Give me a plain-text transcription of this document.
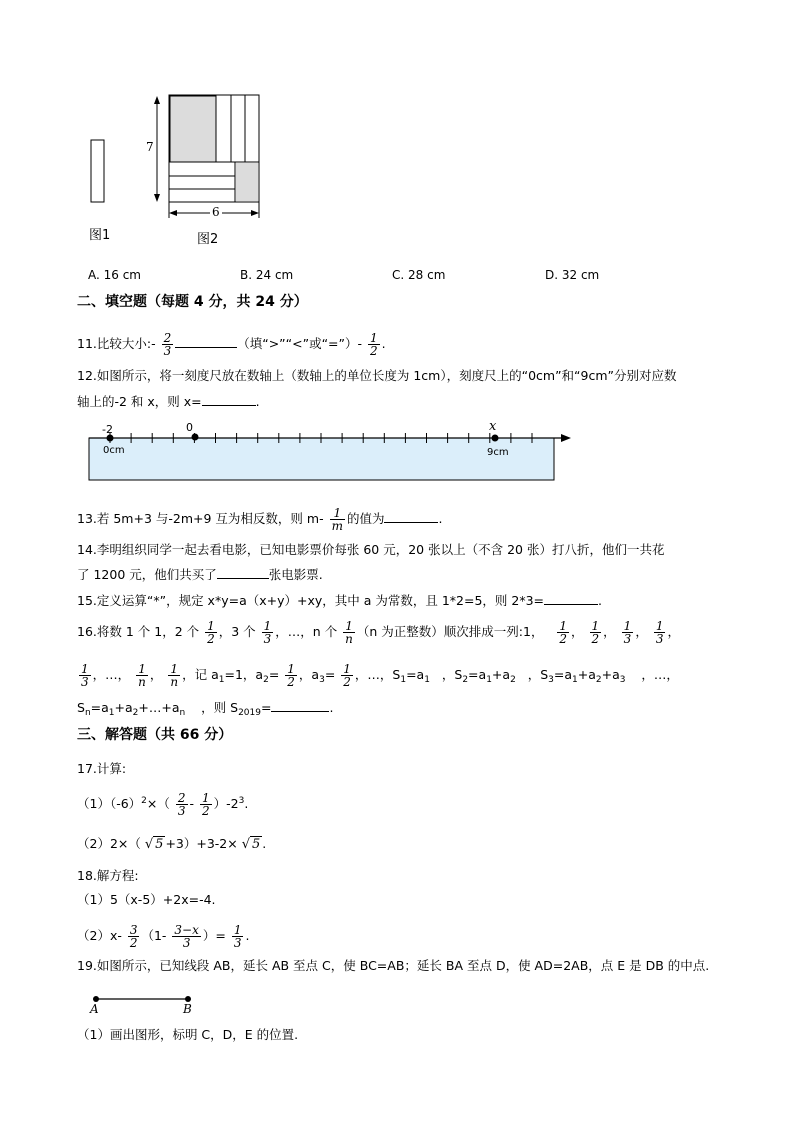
图1
7
6
图2
A. 16 cm	B. 24 cm	C. 28 cm	D. 32 cm
二、填空题（每题 4 分，共 24 分）
11.比较大小:- $\frac{2}{3}$	（填“>”“<”或“=”）- $\frac{1}{2}$ .
12.如图所示，将一刻度尺放在数轴上（数轴上的单位长度为 1cm），刻度尺上的“0cm”和“9cm”分别对应数
轴上的-2 和 x，则 x=	.
-2	0	x
0cm	9cm
13.若 5m+3 与-2m+9 互为相反数，则 $m- \frac{1}{m}$ 的值为	.
14.李明组织同学一起去看电影，已知电影票价每张 60 元，20 张以上（不含 20 张）打八折，他们一共花
了 1200 元，他们共买了	张电影票.
15.定义运算“*”，规定 x*y=a（x+y）+xy，其中 a 为常数，且 1*2=5，则 2*3=	.
16.将数 1 个 1，2 个 $\frac{1}{2}$ ，3 个 $\frac{1}{3}$ ，…，n 个 $\frac{1}{n} (n$ 为正整数）顺次排成一列:1， $\frac{1}{2}$ ， $\frac{1}{2}$ ， $\frac{1}{3}$ ， $\frac{1}{3}$ ，
$\frac{1}{3}$ ，…， $\frac{1}{n}$ ， $\frac{1}{n}$ ，记 $a_1=1$，$a_2= \frac{1}{2}$ ，$a_3= \frac{1}{2}$ ，…，$S_1=a_1$ ，$S_2=a_1+a_2$ ，$S_3=a_1+a_2+a_3$ ，…，
$S_n=a_1+a_2+\dots+a_n$ ，则 $S_{2019}=$	.
三、解答题（共 66 分）
17.计算:
$(1)(-6)^2\times( \frac{2}{3} - \frac{1}{2} )-2^3$.
（2）2×（ √ 5 +3）+3-2× √ 5 .
18.解方程:
（1）5（x-5）+2x=-4.
$(2)x- \frac{3}{2} (1- \frac{3-x}{3}$ ）= $\frac{1}{3}$ .
19.如图所示，已知线段 AB，延长 AB 至点 C，使 BC=AB；延长 BA 至点 D，使 AD=2AB，点 E 是 DB 的中点.
A	B
（1）画出图形，标明 C，D，E 的位置.
